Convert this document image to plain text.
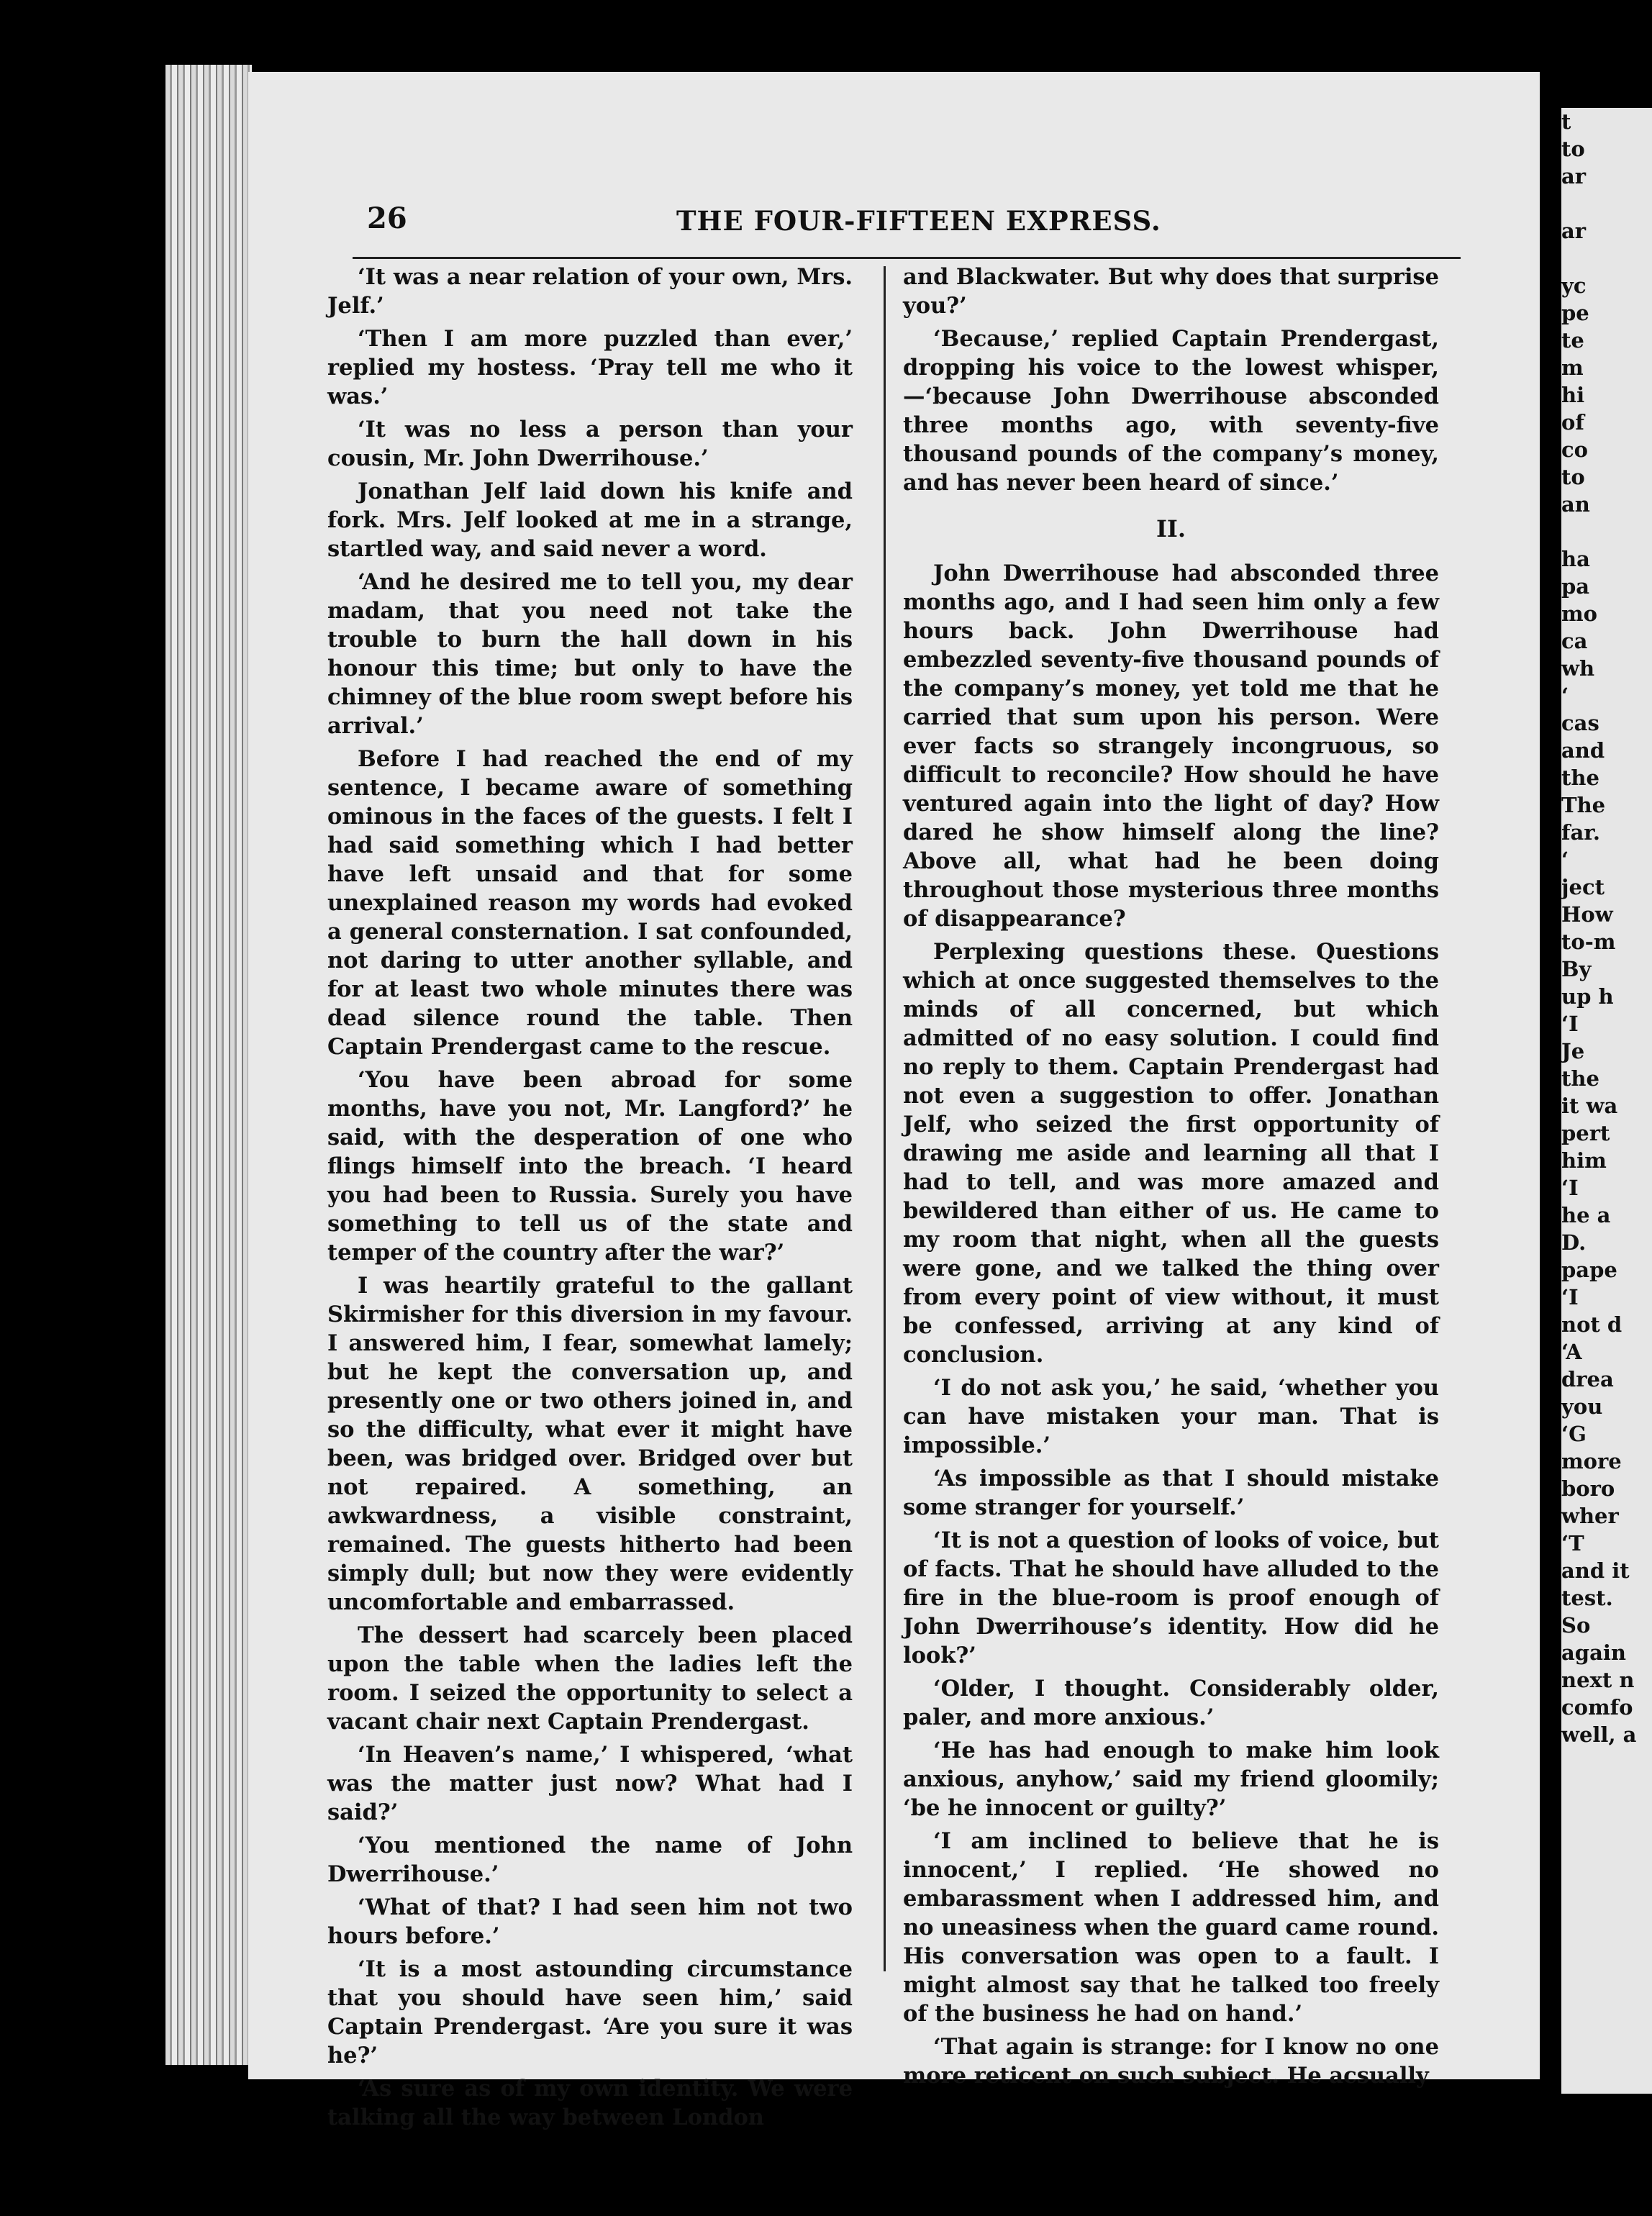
t
to
ar

ar

yc
pe
te
m
hi
of
co
to
an

ha
pa
mo
ca
wh
‘
cas
and
the
The
far.
‘
ject
How
to-m
By
up h
‘I
Je
the
it wa
pert
him
‘I
he a
D.
pape
‘I
not d
‘A
drea
you
‘G
more
boro
wher
‘T
and it
test.
So
again
next n
comfo
well, a
26	THE FOUR-FIFTEEN EXPRESS.

‘It was a near relation of your own, Mrs. Jelf.’

‘Then I am more puzzled than ever,’ replied my hostess. ‘Pray tell me who it was.’

‘It was no less a person than your cousin, Mr. John Dwerrihouse.’

Jonathan Jelf laid down his knife and fork. Mrs. Jelf looked at me in a strange, startled way, and said never a word.

‘And he desired me to tell you, my dear madam, that you need not take the trouble to burn the hall down in his honour this time; but only to have the chimney of the blue room swept before his arrival.’

Before I had reached the end of my sentence, I became aware of something ominous in the faces of the guests. I felt I had said something which I had better have left unsaid and that for some unexplained reason my words had evoked a general consternation. I sat confounded, not daring to utter another syllable, and for at least two whole minutes there was dead silence round the table. Then Captain Prendergast came to the rescue.

‘You have been abroad for some months, have you not, Mr. Langford?’ he said, with the desperation of one who flings himself into the breach. ‘I heard you had been to Russia. Surely you have something to tell us of the state and temper of the country after the war?’

I was heartily grateful to the gallant Skirmisher for this diversion in my favour. I answered him, I fear, somewhat lamely; but he kept the conversation up, and presently one or two others joined in, and so the difficulty, what ever it might have been, was bridged over. Bridged over but not repaired. A something, an awkwardness, a visible constraint, remained. The guests hitherto had been simply dull; but now they were evidently uncomfortable and embarrassed.

The dessert had scarcely been placed upon the table when the ladies left the room. I seized the opportunity to select a vacant chair next Captain Prendergast.

‘In Heaven’s name,’ I whispered, ‘what was the matter just now? What had I said?’

‘You mentioned the name of John Dwerrihouse.’

‘What of that? I had seen him not two hours before.’

‘It is a most astounding circumstance that you should have seen him,’ said Captain Prendergast. ‘Are you sure it was he?’

‘As sure as of my own identity. We were talking all the way between London

and Blackwater. But why does that surprise you?’

‘Because,’ replied Captain Prendergast, dropping his voice to the lowest whisper,—‘because John Dwerrihouse absconded three months ago, with seventy-five thousand pounds of the company’s money, and has never been heard of since.’

II.

John Dwerrihouse had absconded three months ago, and I had seen him only a few hours back. John Dwerrihouse had embezzled seventy-five thousand pounds of the company’s money, yet told me that he carried that sum upon his person. Were ever facts so strangely incongruous, so difficult to reconcile? How should he have ventured again into the light of day? How dared he show himself along the line? Above all, what had he been doing throughout those mysterious three months of disappearance?

Perplexing questions these. Questions which at once suggested themselves to the minds of all concerned, but which admitted of no easy solution. I could find no reply to them. Captain Prendergast had not even a suggestion to offer. Jonathan Jelf, who seized the first opportunity of drawing me aside and learning all that I had to tell, and was more amazed and bewildered than either of us. He came to my room that night, when all the guests were gone, and we talked the thing over from every point of view without, it must be confessed, arriving at any kind of conclusion.

‘I do not ask you,’ he said, ‘whether you can have mistaken your man. That is impossible.’

‘As impossible as that I should mistake some stranger for yourself.’

‘It is not a question of looks of voice, but of facts. That he should have alluded to the fire in the blue-room is proof enough of John Dwerrihouse’s identity. How did he look?’

‘Older, I thought. Considerably older, paler, and more anxious.’

‘He has had enough to make him look anxious, anyhow,’ said my friend gloomily; ‘be he innocent or guilty?’

‘I am inclined to believe that he is innocent,’ I replied. ‘He showed no embarassment when I addressed him, and no uneasiness when the guard came round. His conversation was open to a fault. I might almost say that he talked too freely of the business he had on hand.’

‘That again is strange: for I know no one more reticent on such subject. He acsually
